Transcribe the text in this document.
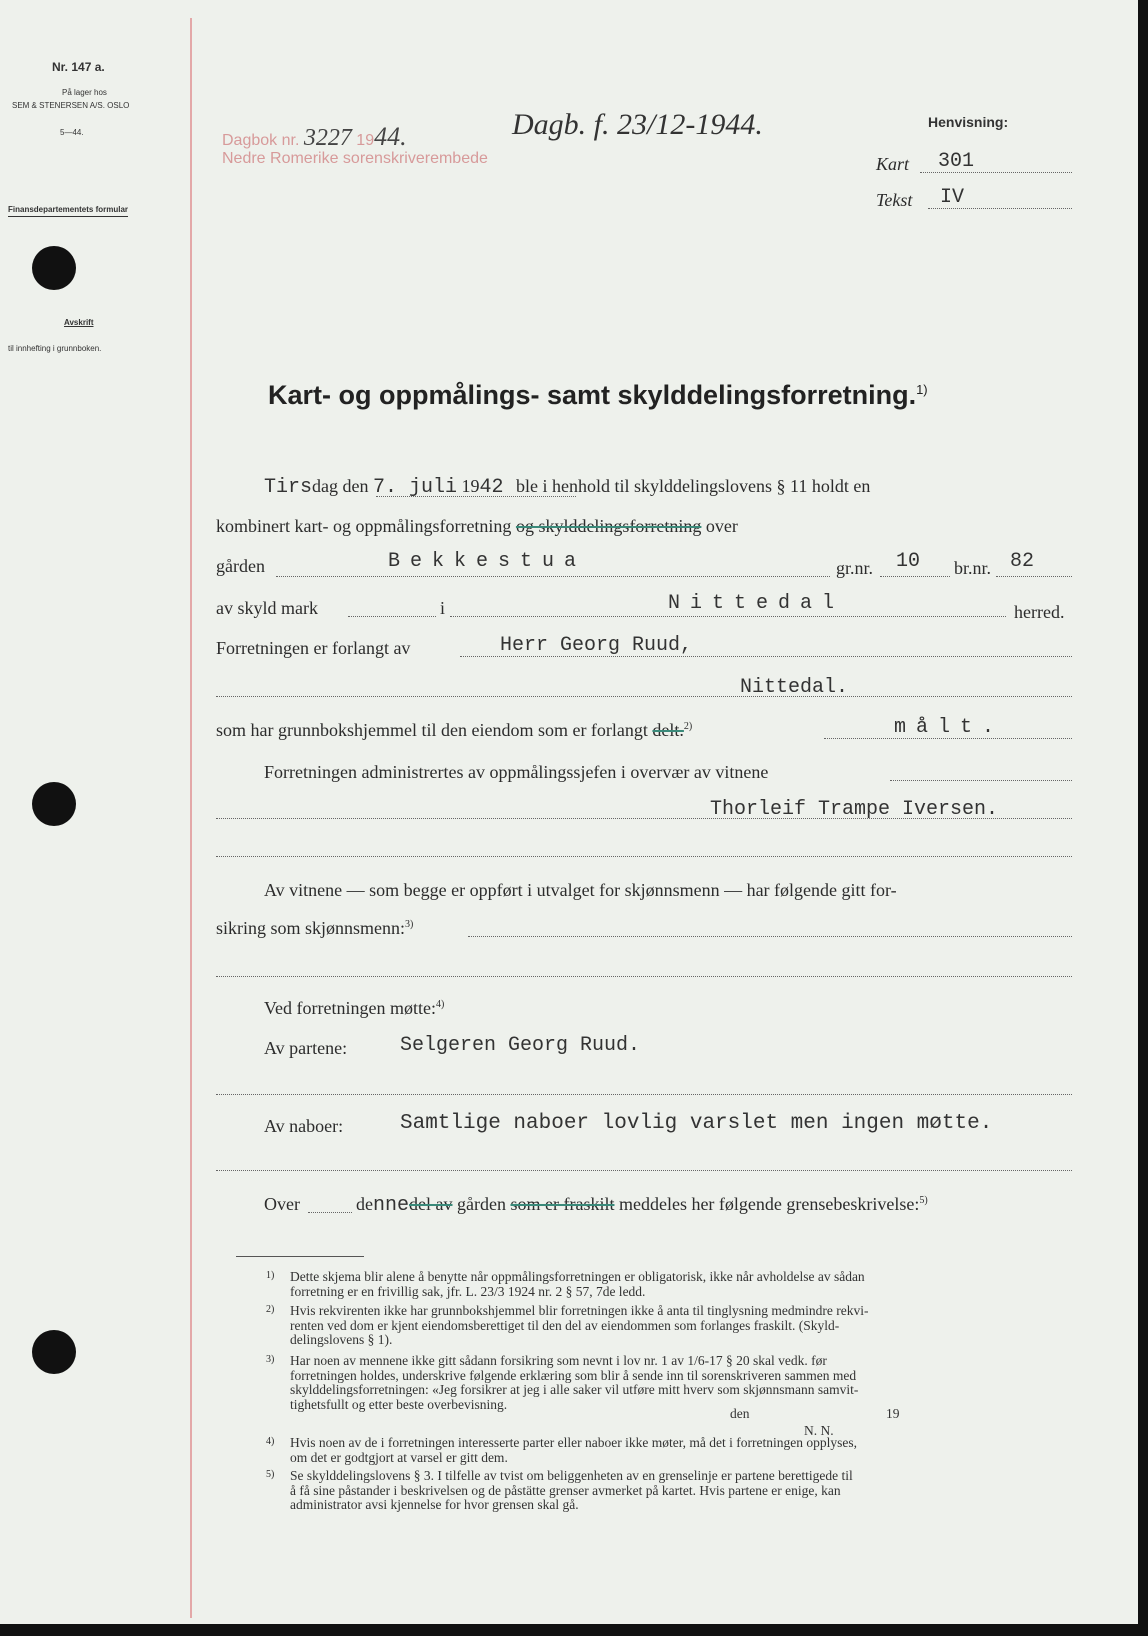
Nr. 147 a.
På lager hos
SEM & STENERSEN A/S. OSLO
5—44.
Finansdepartementets formular
Avskrift
til innhefting i grunnboken.
Dagbok nr. 3227 1944.
Nedre Romerike sorenskriverembede
Dagb. f. 23/12-1944.	Henvisning:
Kart 301
Tekst IV
Kart- og oppmålings- samt skylddelingsforretning.$^{1)}$
Tirsdag den 7. juli 1942 ble i henhold til skylddelingslovens § 11 holdt en
kombinert kart- og oppmålingsforretning og skylddelingsforretning over
gården	Bekkestua	gr.nr. 10 br.nr. 82
av skyld mark	i	Nittedal	herred.
Forretningen er forlangt av	Herr Georg Ruud,
Nittedal.
som har grunnbokshjemmel til den eiendom som er forlangt delt.$^{2)}$	målt.
Forretningen administrertes av oppmålingssjefen i overvær av vitnene
Thorleif Trampe Iversen.
Av vitnene — som begge er oppført i utvalget for skjønnsmenn — har følgende gitt for-
sikring som skjønnsmenn:$^{3)}$
Ved forretningen møtte:$^{4)}$
Av partene:	Selgeren Georg Ruud.
Av naboer:	Samtlige naboer lovlig varslet men ingen møtte.
Over	dennedel av gården som er fraskilt meddeles her følgende grensebeskrivelse:$^{5)}$
1) Dette skjema blir alene å benytte når oppmålingsforretningen er obligatorisk, ikke når avholdelse av sådan
forretning er en frivillig sak, jfr. L. 23/3 1924 nr. 2 § 57, 7de ledd.
2) Hvis rekvirenten ikke har grunnbokshjemmel blir forretningen ikke å anta til tinglysning medmindre rekvi-
renten ved dom er kjent eiendomsberettiget til den del av eiendommen som forlanges fraskilt. (Skyld-
delingslovens § 1).
3) Har noen av mennene ikke gitt sådann forsikring som nevnt i lov nr. 1 av 1/6-17 § 20 skal vedk. før
forretningen holdes, underskrive følgende erklæring som blir å sende inn til sorenskriveren sammen med
skylddelingsforretningen: «Jeg forsikrer at jeg i alle saker vil utføre mitt hverv som skjønnsmann samvit-
tighetsfullt og etter beste overbevisning.
4) Hvis noen av de i forretningen interesserte parter eller naboer ikke møter, må det i forretningen opplyses,
om det er godtgjort at varsel er gitt dem.
5) Se skylddelingslovens § 3. I tilfelle av tvist om beliggenheten av en grenselinje er partene berettigede til
å få sine påstander i beskrivelsen og de påstätte grenser avmerket på kartet. Hvis partene er enige, kan
administrator avsi kjennelse for hvor grensen skal gå.
den	19
N. N.
